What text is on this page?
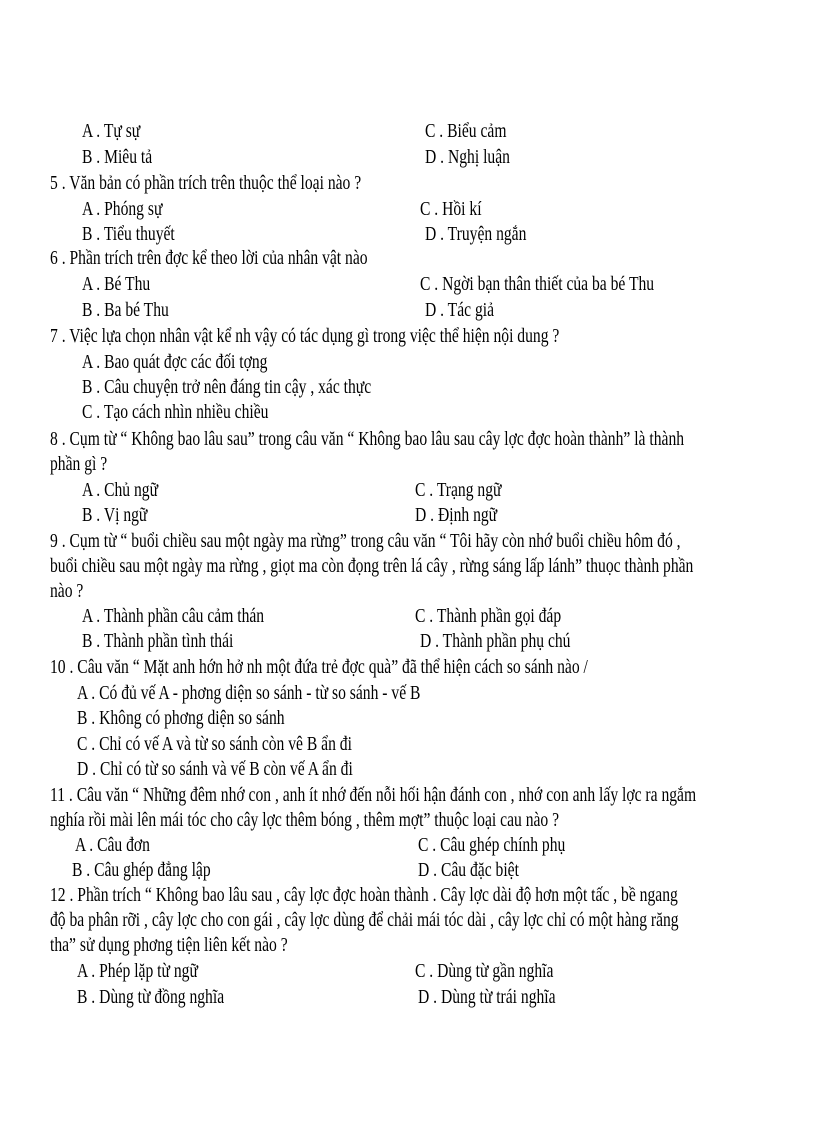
A . Tự sự	C . Biểu cảm
B . Miêu tả	D . Nghị luận
5 . Văn bản có phần trích trên thuộc thể loại nào ?
A . Phóng sự	C . Hồi kí
B . Tiểu thuyết	D . Truyện ngắn
6 . Phần trích trên đợc kể theo lời của nhân vật nào
A . Bé Thu	C . Ngời bạn thân thiết của ba bé Thu
B . Ba bé Thu	D . Tác giả
7 . Việc lựa chọn nhân vật kể nh vậy có tác dụng gì trong việc thể hiện nội dung ?
A . Bao quát đợc các đối tợng
B . Câu chuyện trở nên đáng tin cậy , xác thực
C . Tạo cách nhìn nhiều chiều
8 . Cụm từ “ Không bao lâu sau” trong câu văn “ Không bao lâu sau cây lợc đợc hoàn thành” là thành
phần gì ?
A . Chủ ngữ	C . Trạng ngữ
B . Vị ngữ	D . Định ngữ
9 . Cụm từ “ buổi chiều sau một ngày ma rừng” trong câu văn “ Tôi hãy còn nhớ buổi chiều hôm đó ,
buổi chiều sau một ngày ma rừng , giọt ma còn đọng trên lá cây , rừng sáng lấp lánh” thuọc thành phần
nào ?
A . Thành phần câu cảm thán	C . Thành phần gọi đáp
B . Thành phần tình thái	D . Thành phần phụ chú
10 . Câu văn “ Mặt anh hớn hở nh một đứa trẻ đợc quà” đã thể hiện cách so sánh nào /
A . Có đủ vế A - phơng diện so sánh - từ so sánh - vế B
B . Không có phơng diện so sánh
C . Chỉ có vế A và từ so sánh còn vê B ẩn đi
D . Chỉ có từ so sánh và vế B còn vế A ẩn đi
11 . Câu văn “ Những đêm nhớ con , anh ít nhớ đến nỗi hối hận đánh con , nhớ con anh lấy lợc ra ngắm
nghía rồi mài lên mái tóc cho cây lợc thêm bóng , thêm mợt” thuộc loại cau nào ?
A . Câu đơn	C . Câu ghép chính phụ
B . Câu ghép đẳng lập	D . Câu đặc biệt
12 . Phần trích “ Không bao lâu sau , cây lợc đợc hoàn thành . Cây lợc dài độ hơn một tấc , bề ngang
độ ba phân rỡi , cây lợc cho con gái , cây lợc dùng để chải mái tóc dài , cây lợc chỉ có một hàng răng
tha” sử dụng phơng tiện liên kết nào ?
A . Phép lặp từ ngữ	C . Dùng từ gần nghĩa
B . Dùng từ đồng nghĩa	D . Dùng từ trái nghĩa
